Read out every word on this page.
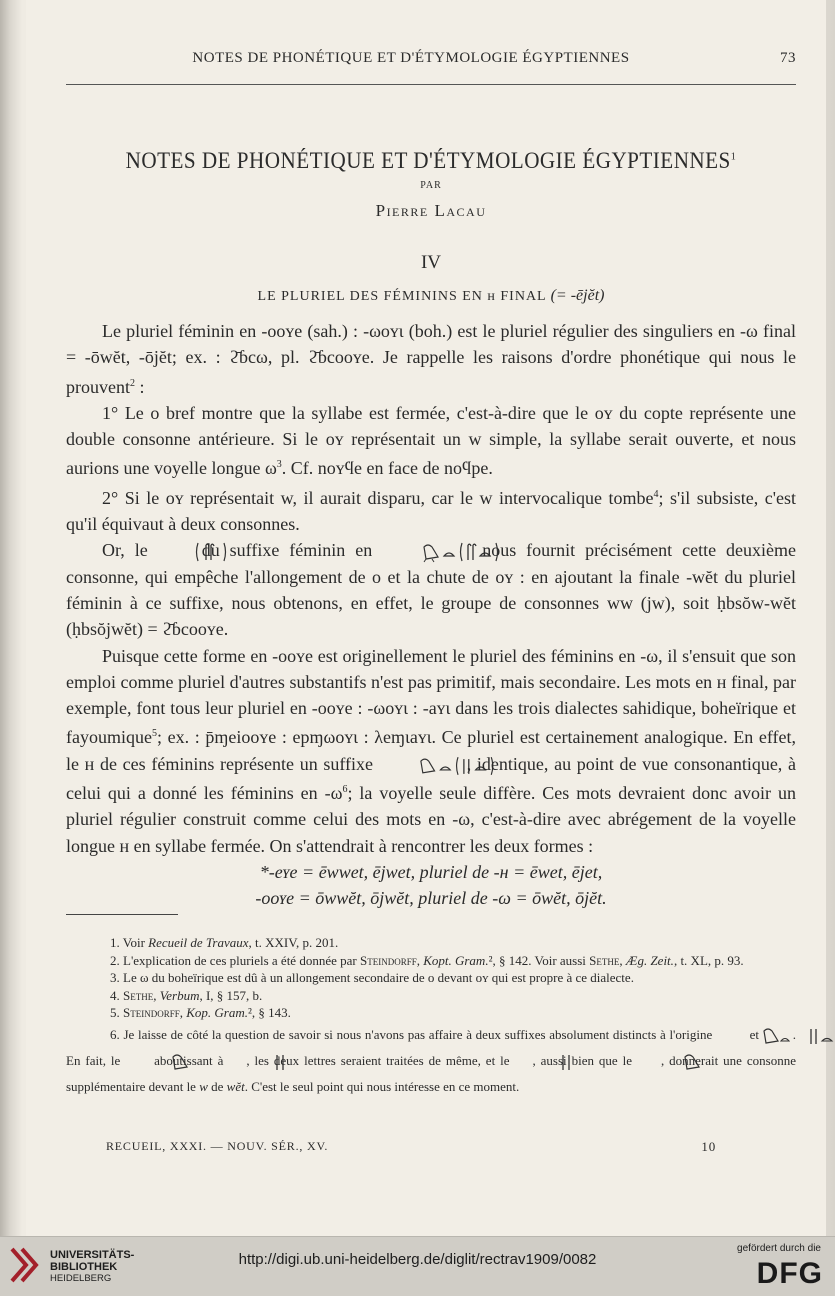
NOTES DE PHONÉTIQUE ET D'ÉTYMOLOGIE ÉGYPTIENNES	73
NOTES DE PHONÉTIQUE ET D'ÉTYMOLOGIE ÉGYPTIENNES$^1$
PAR
Pierre Lacau
IV
LE PLURIEL DES FÉMININS EN н FINAL (= -ējĕt)

Le pluriel féminin en -ooʏe (sah.) : -ωoʏι (boh.) est le pluriel régulier des singuliers en -ω final = -ōwĕt, -ōjĕt; ex. : ϩ̄ɓcω, pl. ϩ̄ɓcooʏe. Je rappelle les raisons d'ordre phonétique qui nous le prouvent$^2$ :

1° Le o bref montre que la syllabe est fermée, c'est-à-dire que le oʏ du copte représente une double consonne antérieure. Si le oʏ représentait un w simple, la syllabe serait ouverte, et nous aurions une voyelle longue $\omega^3$. Cf. noʏϥe en face de noϥpe.

2° Si le oʏ représentait w, il aurait disparu, car le w intervocalique tombe$^4$; s'il subsiste, c'est qu'il équivaut à deux consonnes.

Or, le  du suffixe féminin en	nous fournit précisément cette deuxième consonne, qui empêche l'allongement de o et la chute de oʏ : en ajoutant la finale -wĕt du pluriel féminin à ce suffixe, nous obtenons, en effet, le groupe de consonnes ww (jw), soit ḥbsŏw-wĕt (ḥbsŏjwĕt) = ϩ̄ɓcooʏe.

Puisque cette forme en -ooʏe est originellement le pluriel des féminins en -ω, il s'ensuit que son emploi comme pluriel d'autres substantifs n'est pas primitif, mais secondaire. Les mots en н final, par exemple, font tous leur pluriel en -ooʏe : -ωoʏι : -aʏι dans les trois dialectes sahidique, boheïrique et fayoumique$^5$; ex. : p̄ɱeiooʏe : epɱωoʏι : λeɱιaʏι. Ce pluriel est certainement analogique. En effet, le н de ces féminins représente un suffixe	, identique, au point de vue consonantique, à celui qui a donné les féminins en $-\omega^6$; la voyelle seule diffère. Ces mots devraient donc avoir un pluriel régulier construit comme celui des mots en -ω, c'est-à-dire avec abrégement de la voyelle longue н en syllabe fermée. On s'attendrait à rencontrer les deux formes :

*-eʏe = ēwwet, ējwet, pluriel de -н = ēwet, ējet,

-ooʏe = ōwwĕt, ōjwĕt, pluriel de -ω = ōwĕt, ōjĕt.

1. Voir Recueil de Travaux, t. XXIV, p. 201.
2. L'explication de ces pluriels a été donnée par Steindorff, Kopt. Gram.², § 142. Voir aussi Sethe, Æg. Zeit., t. XL, p. 93.
3. Le ω du boheïrique est dû à un allongement secondaire de o devant oʏ qui est propre à ce dialecte.
4. Sethe, Verbum, I, § 157, b.
5. Steindorff, Kop. Gram.², § 143.
6. Je laisse de côté la question de savoir si nous n'avons pas affaire à deux suffixes absolument distincts à l'origine  et . En fait, le  aboutissant à , les deux lettres seraient traitées de même, et le , aussi bien que le , donnerait une consonne supplémentaire devant le w de wĕt. C'est le seul point qui nous intéresse en ce moment.
RECUEIL, XXXI. — NOUV. SÉR., XV.	10
UNIVERSITÄTS-
BIBLIOTHEK
HEIDELBERG
http://digi.ub.uni-heidelberg.de/diglit/rectrav1909/0082
gefördert durch die
DFG
